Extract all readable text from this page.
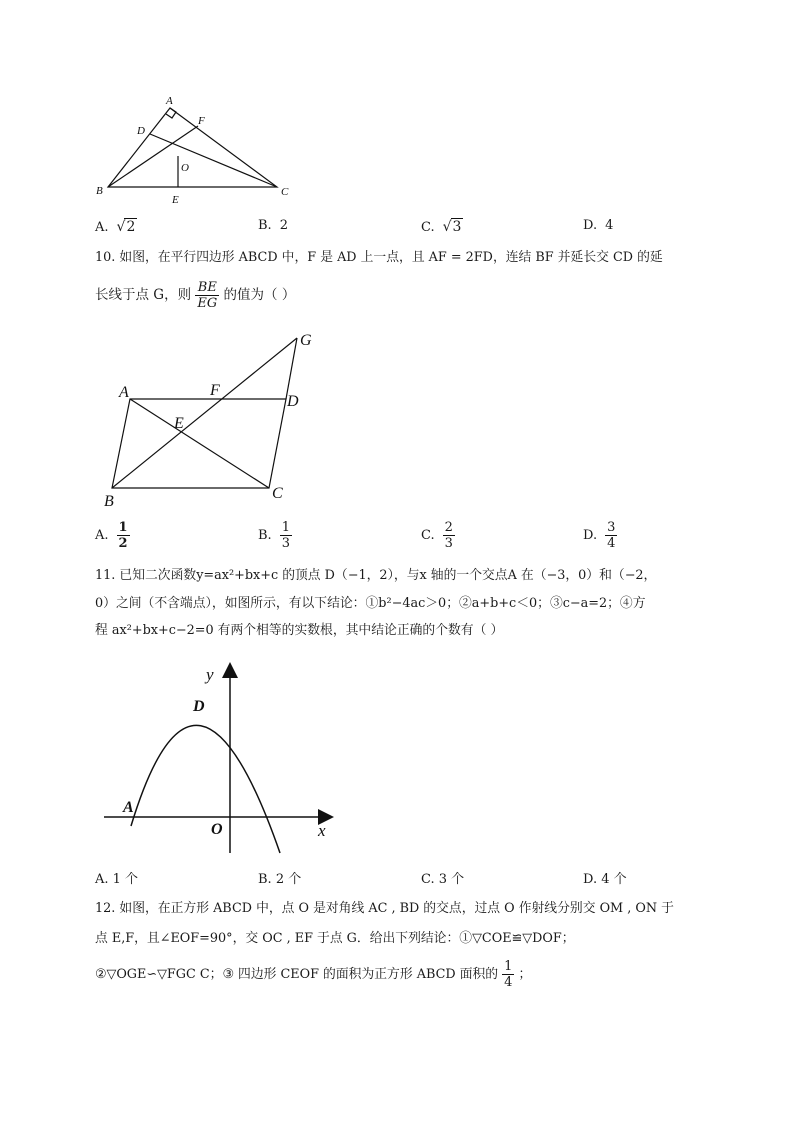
A
F
D
O
B	C
E
A. √2	B. 2	C. √3	D. 4
10. 如图，在平行四边形 ABCD 中，F 是 AD 上一点，且 AF = 2FD，连结 BF 并延长交 CD 的延
长线于点 G，则 $\frac{BE}{EG}$ 的值为（ ）
G
A	F
D
E
B	C
A. $\frac{1}{2}$	B. $\frac{1}{3}$	C. $\frac{2}{3}$	D. $\frac{3}{4}$
11. 已知二次函数y=ax²+bx+c 的顶点 D（−1，2），与x 轴的一个交点A 在（−3，0）和（−2，
0）之间（不含端点），如图所示，有以下结论：①b²−4ac＞0；②a+b+c＜0；③c−a=2；④方
程 ax²+bx+c−2=0 有两个相等的实数根，其中结论正确的个数有（ ）
y
D
A
O	x
A. 1 个	B. 2 个	C. 3 个	D. 4 个
12. 如图，在正方形 ABCD 中，点 O 是对角线 AC , BD 的交点，过点 O 作射线分别交 OM , ON 于
点 E,F，且∠EOF=90°，交 OC , EF 于点 G．给出下列结论：①▽COE≌▽DOF；
②▽OGE∽▽FGC C；③ 四边形 CEOF 的面积为正方形 ABCD 面积的 $\frac{1}{4}$ ；
